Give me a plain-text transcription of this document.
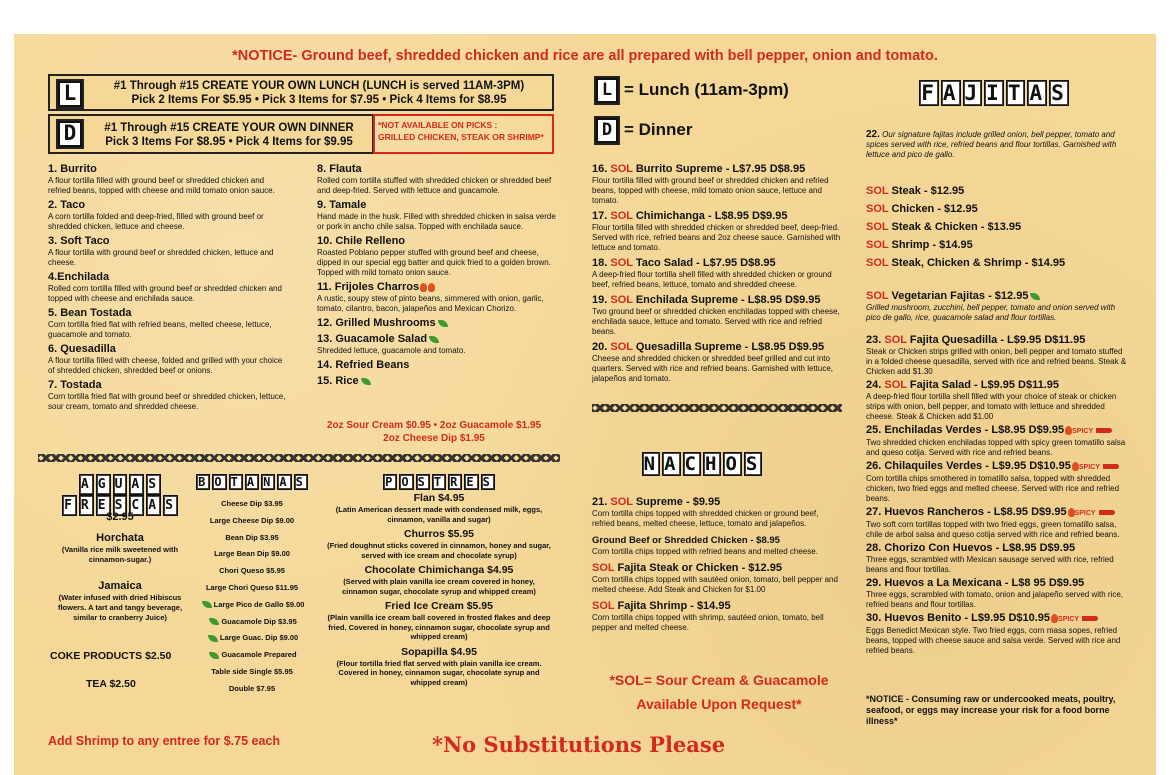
*NOTICE- Ground beef, shredded chicken and rice are all prepared with bell pepper, onion and tomato.
L	#1 Through #15 CREATE YOUR OWN LUNCH (LUNCH is served 11AM-3PM)
Pick 2 Items For $5.95 • Pick 3 Items for $7.95 • Pick 4 Items for $8.95
D	#1 Through #15 CREATE YOUR OWN DINNER
Pick 3 Items For $8.95 • Pick 4 Items for $9.95
*NOT AVAILABLE ON PICKS :
GRILLED CHICKEN, STEAK OR SHRIMP*
1. Burrito
A flour tortilla filled with ground beef or shredded chicken and refried beans, topped with cheese and mild tomato onion sauce.
2. Taco
A corn tortilla folded and deep-fried, filled with ground beef or shredded chicken, lettuce and cheese.
3. Soft Taco
A flour tortilla with ground beef or shredded chicken, lettuce and cheese.
4.Enchilada
Rolled corn tortilla filled with ground beef or shredded chicken and topped with cheese and enchilada sauce.
5. Bean Tostada
Corn tortilla fried flat with refried beans, melted cheese, lettuce, guacamole and tomato.
6. Quesadilla
A flour tortilla filled with cheese, folded and grilled with your choice of shredded chicken, shredded beef or onions.
7. Tostada
Corn tortilla fried flat with ground beef or shredded chicken, lettuce, sour cream, tomato and shredded cheese.
8. Flauta
Rolled corn tortilla stuffed with shredded chicken or shredded beef and deep-fried. Served with lettuce and guacamole.
9. Tamale
Hand made in the husk. Filled with shredded chicken in salsa verde or pork in ancho chile salsa. Topped with enchilada sauce.
10. Chile Relleno
Roasted Poblano pepper stuffed with ground beef and cheese, dipped in our special egg batter and quick fried to a golden brown. Topped with mild tomato onion sauce.
11. Frijoles Charros
A rustic, soupy stew of pinto beans, simmered with onion, garlic, tomato, cilantro, bacon, jalapeños and Mexican Chorizo.
12. Grilled Mushrooms
13. Guacamole Salad
Shredded lettuce, guacamole and tomato.
14. Refried Beans
15. Rice
2oz Sour Cream $0.95 • 2oz Guacamole $1.95
2oz Cheese Dip $1.95
A G U A S
F R E S C A S
$2.95
Horchata
(Vanilla rice milk sweetened with cinnamon-sugar.)
Jamaica
(Water infused with dried Hibiscus flowers. A tart and tangy beverage, similar to cranberry Juice)
COKE PRODUCTS $2.50
TEA $2.50
B O T A N A S
Cheese Dip $3.95
Large Cheese Dip $9.00
Bean Dip $3.95
Large Bean Dip $9.00
Chori Queso $5.95
Large Chori Queso $11.95
Large Pico de Gallo $9.00
Guacamole Dip $3.95
Large Guac. Dip $9.00
Guacamole Prepared
Table side Single $5.95
Double $7.95
P O S T R E S
Flan $4.95
(Latin American dessert made with condensed milk, eggs, cinnamon, vanilla and sugar)
Churros $5.95
(Fried doughnut sticks covered in cinnamon, honey and sugar, served with ice cream and chocolate syrup)
Chocolate Chimichanga $4.95
(Served with plain vanilla ice cream covered in honey, cinnamon sugar, chocolate syrup and whipped cream)
Fried Ice Cream $5.95
(Plain vanilla ice cream ball covered in frosted flakes and deep fried. Covered in honey, cinnamon sugar, chocolate syrup and whipped cream)
Sopapilla $4.95
(Flour tortilla fried flat served with plain vanilla ice cream. Covered in honey, cinnamon sugar, chocolate syrup and whipped cream)
Add Shrimp to any entree for $.75 each	*No Substitutions Please
L = Lunch (11am-3pm)
D = Dinner
16. SOL Burrito Supreme - L$7.95 D$8.95
Flour tortilla filled with ground beef or shredded chicken and refried beans, topped with cheese, mild tomato onion sauce, lettuce and tomato.
17. SOL Chimichanga - L$8.95 D$9.95
Flour tortilla filled with shredded chicken or shredded beef, deep-fried. Served with rice, refried beans and 2oz cheese sauce. Garnished with lettuce and tomato.
18. SOL Taco Salad - L$7.95 D$8.95
A deep-fried flour tortilla shell filled with shredded chicken or ground beef, refried beans, lettuce, tomato and shredded cheese.
19. SOL Enchilada Supreme - L$8.95 D$9.95
Two ground beef or shredded chicken enchiladas topped with cheese, enchilada sauce, lettuce and tomato. Served with rice and refried beans.
20. SOL Quesadilla Supreme - L$8.95 D$9.95
Cheese and shredded chicken or shredded beef grilled and cut into quarters. Served with rice and refried beans. Garnished with lettuce, jalapeños and tomato.
N A C H O S
21. SOL Supreme - $9.95
Corn tortilla chips topped with shredded chicken or ground beef, refried beans, melted cheese, lettuce, tomato and jalapeños.
Ground Beef or Shredded Chicken - $8.95
Corn tortilla chips topped with refried beans and melted cheese.
SOL Fajita Steak or Chicken - $12.95
Corn tortilla chips topped with sautéed onion, tomato, bell pepper and melted cheese. Add Steak and Chicken for $1.00
SOL Fajita Shrimp - $14.95
Corn tortilla chips topped with shrimp, sautéed onion, tomato, bell pepper and melted cheese.
*SOL= Sour Cream & Guacamole
Available Upon Request*
F A J I T A S
22. Our signature fajitas include grilled onion, bell pepper, tomato and spices served with rice, refried beans and flour tortillas. Garnished with lettuce and pico de gallo.
SOL Steak - $12.95
SOL Chicken - $12.95
SOL Steak & Chicken - $13.95
SOL Shrimp - $14.95
SOL Steak, Chicken & Shrimp - $14.95
SOL Vegetarian Fajitas - $12.95
Grilled mushroom, zucchini, bell pepper, tomato and onion served with pico de gallo, rice, guacamole salad and flour tortillas.
23. SOL Fajita Quesadilla - L$9.95 D$11.95
Steak or Chicken strips grilled with onion, bell pepper and tomato stuffed in a folded cheese quesadilla, served with rice and refried beans. Steak & Chicken add $1.30
24. SOL Fajita Salad - L$9.95 D$11.95
A deep-fried flour tortilla shell filled with your choice of steak or chicken strips with onion, bell pepper, and tomato with lettuce and shredded cheese. Steak & Chicken add $1.00
25. Enchiladas Verdes - L$8.95 D$9.95 SPICY
Two shredded chicken enchiladas topped with spicy green tomatillo salsa and queso cotija. Served with rice and refried beans.
26. Chilaquiles Verdes - L$9.95 D$10.95 SPICY
Corn tortilla chips smothered in tomatillo salsa, topped with shredded chicken, two fried eggs and melted cheese. Served with rice and refried beans.
27. Huevos Rancheros - L$8.95 D$9.95 SPICY
Two soft corn tortillas topped with two fried eggs, green tomatillo salsa, chile de arbol salsa and queso cotija served with rice and refried beans.
28. Chorizo Con Huevos - L$8.95 D$9.95
Three eggs, scrambled with Mexican sausage served with rice, refried beans and flour tortillas.
29. Huevos a La Mexicana - L$8 95 D$9.95
Three eggs, scrambled with tomato, onion and jalapeño served with rice, refried beans and flour tortillas.
30. Huevos Benito - L$9.95 D$10.95 SPICY
Eggs Benedict Mexican style. Two fried eggs, corn masa sopes, refried beans, topped with cheese sauce and salsa verde. Served with rice and refried beans.
*NOTICE - Consuming raw or undercooked meats, poultry, seafood, or eggs may increase your risk for a food borne illness*
